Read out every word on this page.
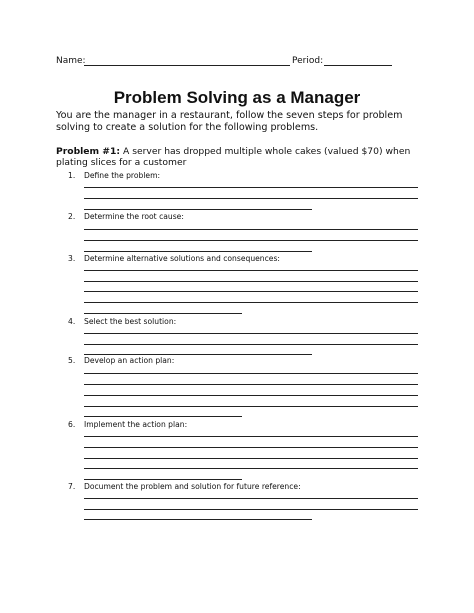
Name:	Period:
Problem Solving as a Manager
You are the manager in a restaurant, follow the seven steps for problem solving to create a solution for the following problems.
Problem #1: A server has dropped multiple whole cakes (valued $70) when plating slices for a customer
1. Define the problem:
2. Determine the root cause:
3. Determine alternative solutions and consequences:
4. Select the best solution:
5. Develop an action plan:
6. Implement the action plan:
7. Document the problem and solution for future reference:
